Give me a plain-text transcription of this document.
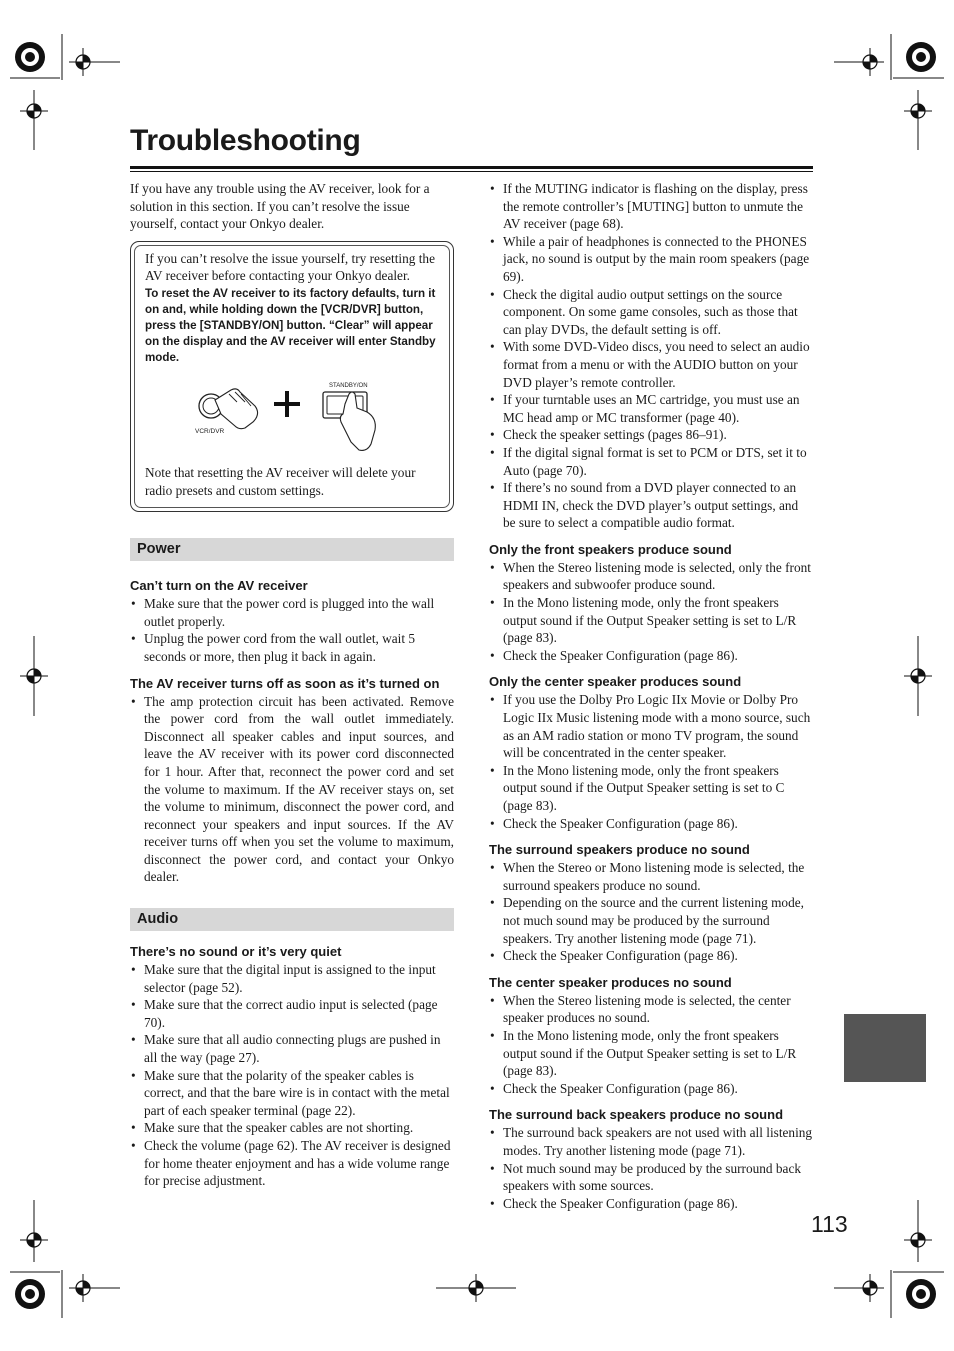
Troubleshooting

If you have any trouble using the AV receiver, look for a solution in this section. If you can’t resolve the issue yourself, contact your Onkyo dealer.

If you can’t resolve the issue yourself, try resetting the AV receiver before contacting your Onkyo dealer.

To reset the AV receiver to its factory defaults, turn it on and, while holding down the [VCR/DVR] button, press the [STANDBY/ON] button. “Clear” will appear on the display and the AV receiver will enter Standby mode.

VCR/DVR
STANDBY/ON

Note that resetting the AV receiver will delete your radio presets and custom settings.

Power

Can’t turn on the AV receiver

• Make sure that the power cord is plugged into the wall outlet properly.
• Unplug the power cord from the wall outlet, wait 5 seconds or more, then plug it back in again.

The AV receiver turns off as soon as it’s turned on

• The amp protection circuit has been activated. Remove the power cord from the wall outlet immediately. Disconnect all speaker cables and input sources, and leave the AV receiver with its power cord disconnected for 1 hour. After that, reconnect the power cord and set the volume to maximum. If the AV receiver stays on, set the volume to minimum, disconnect the power cord, and reconnect your speakers and input sources. If the AV receiver turns off when you set the volume to maximum, disconnect the power cord, and contact your Onkyo dealer.
Audio

There’s no sound or it’s very quiet

• Make sure that the digital input is assigned to the input selector (page 52).
• Make sure that the correct audio input is selected (page 70).
• Make sure that all audio connecting plugs are pushed in all the way (page 27).
• Make sure that the polarity of the speaker cables is correct, and that the bare wire is in contact with the metal part of each speaker terminal (page 22).
• Make sure that the speaker cables are not shorting.
• Check the volume (page 62). The AV receiver is designed for home theater enjoyment and has a wide volume range for precise adjustment.
• If the MUTING indicator is flashing on the display, press the remote controller’s [MUTING] button to unmute the AV receiver (page 68).
• While a pair of headphones is connected to the PHONES jack, no sound is output by the main room speakers (page 69).
• Check the digital audio output settings on the source component. On some game consoles, such as those that can play DVDs, the default setting is off.
• With some DVD-Video discs, you need to select an audio format from a menu or with the AUDIO button on your DVD player’s remote controller.
• If your turntable uses an MC cartridge, you must use an MC head amp or MC transformer (page 40).
• Check the speaker settings (pages 86–91).
• If the digital signal format is set to PCM or DTS, set it to Auto (page 70).
• If there’s no sound from a DVD player connected to an HDMI IN, check the DVD player’s output settings, and be sure to select a compatible audio format.

Only the front speakers produce sound

• When the Stereo listening mode is selected, only the front speakers and subwoofer produce sound.
• In the Mono listening mode, only the front speakers output sound if the Output Speaker setting is set to L/R (page 83).
• Check the Speaker Configuration (page 86).

Only the center speaker produces sound

• If you use the Dolby Pro Logic IIx Movie or Dolby Pro Logic IIx Music listening mode with a mono source, such as an AM radio station or mono TV program, the sound will be concentrated in the center speaker.
• In the Mono listening mode, only the front speakers output sound if the Output Speaker setting is set to C (page 83).
• Check the Speaker Configuration (page 86).

The surround speakers produce no sound

• When the Stereo or Mono listening mode is selected, the surround speakers produce no sound.
• Depending on the source and the current listening mode, not much sound may be produced by the surround speakers. Try another listening mode (page 71).
• Check the Speaker Configuration (page 86).

The center speaker produces no sound

• When the Stereo listening mode is selected, the center speaker produces no sound.
• In the Mono listening mode, only the front speakers output sound if the Output Speaker setting is set to L/R (page 83).
• Check the Speaker Configuration (page 86).

The surround back speakers produce no sound

• The surround back speakers are not used with all listening modes. Try another listening mode (page 71).
• Not much sound may be produced by the surround back speakers with some sources.
• Check the Speaker Configuration (page 86).
113
